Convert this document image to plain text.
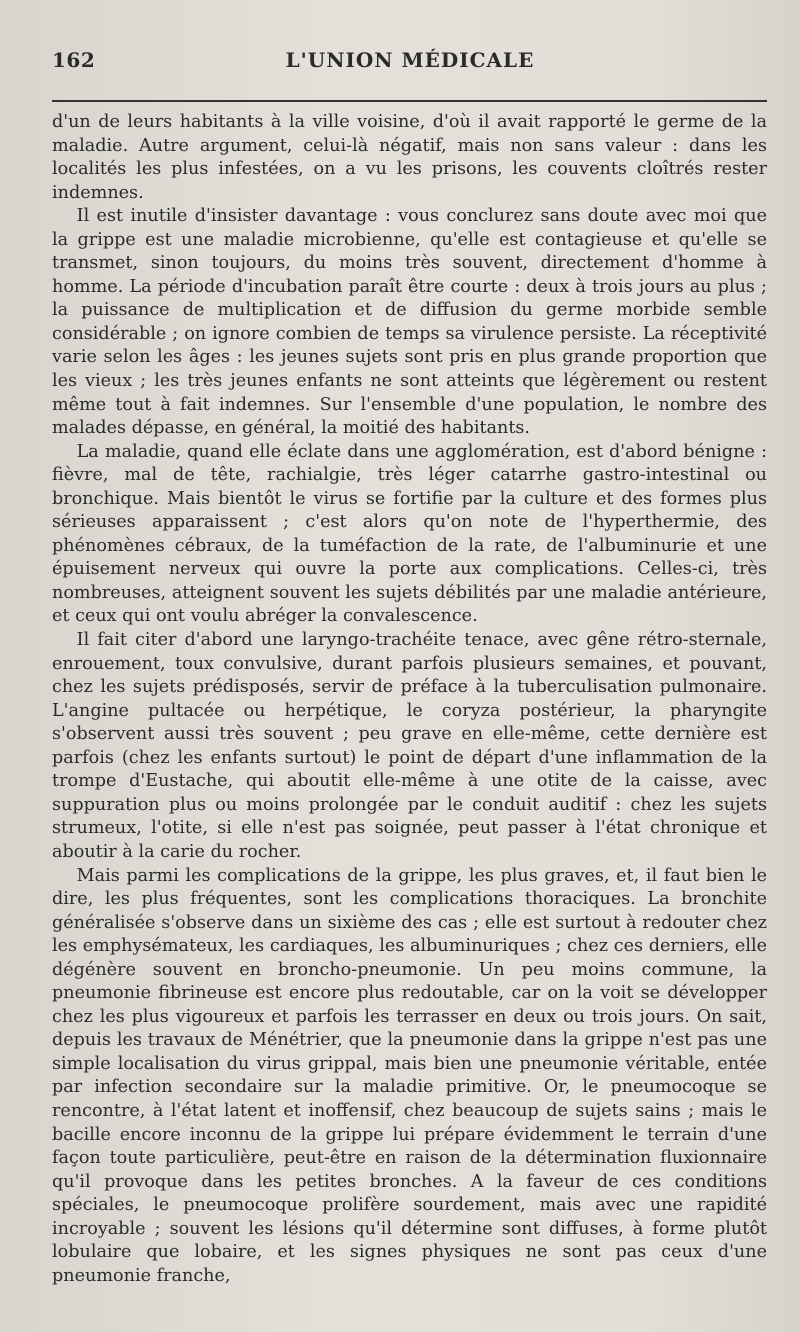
162	L'UNION MÉDICALE

d'un de leurs habitants à la ville voisine, d'où il avait rapporté le germe de la maladie. Autre argument, celui-là négatif, mais non sans valeur : dans les localités les plus infestées, on a vu les prisons, les couvents cloîtrés rester indemnes.

Il est inutile d'insister davantage : vous conclurez sans doute avec moi que la grippe est une maladie microbienne, qu'elle est contagieuse et qu'elle se transmet, sinon toujours, du moins très souvent, directement d'homme à homme. La période d'incubation paraît être courte : deux à trois jours au plus ; la puissance de multiplication et de diffusion du germe morbide semble considérable ; on ignore combien de temps sa virulence persiste. La réceptivité varie selon les âges : les jeunes sujets sont pris en plus grande proportion que les vieux ; les très jeunes enfants ne sont atteints que légèrement ou restent même tout à fait indemnes. Sur l'ensemble d'une population, le nombre des malades dépasse, en général, la moitié des habitants.

La maladie, quand elle éclate dans une agglomération, est d'abord bénigne : fièvre, mal de tête, rachialgie, très léger catarrhe gastro-intestinal ou bronchique. Mais bientôt le virus se fortifie par la culture et des formes plus sérieuses apparaissent ; c'est alors qu'on note de l'hyperthermie, des phénomènes cébraux, de la tuméfaction de la rate, de l'albuminurie et une épuisement nerveux qui ouvre la porte aux complications. Celles-ci, très nombreuses, atteignent souvent les sujets débilités par une maladie antérieure, et ceux qui ont voulu abréger la convalescence.

Il fait citer d'abord une laryngo-trachéite tenace, avec gêne rétro-sternale, enrouement, toux convulsive, durant parfois plusieurs semaines, et pouvant, chez les sujets prédisposés, servir de préface à la tuberculisation pulmonaire. L'angine pultacée ou herpétique, le coryza postérieur, la pharyngite s'observent aussi très souvent ; peu grave en elle-même, cette dernière est parfois (chez les enfants surtout) le point de départ d'une inflammation de la trompe d'Eustache, qui aboutit elle-même à une otite de la caisse, avec suppuration plus ou moins prolongée par le conduit auditif : chez les sujets strumeux, l'otite, si elle n'est pas soignée, peut passer à l'état chronique et aboutir à la carie du rocher.

Mais parmi les complications de la grippe, les plus graves, et, il faut bien le dire, les plus fréquentes, sont les complications thoraciques. La bronchite généralisée s'observe dans un sixième des cas ; elle est surtout à redouter chez les emphysémateux, les cardiaques, les albuminuriques ; chez ces derniers, elle dégénère souvent en broncho-pneumonie. Un peu moins commune, la pneumonie fibrineuse est encore plus redoutable, car on la voit se développer chez les plus vigoureux et parfois les terrasser en deux ou trois jours. On sait, depuis les travaux de Ménétrier, que la pneumonie dans la grippe n'est pas une simple localisation du virus grippal, mais bien une pneumonie véritable, entée par infection secondaire sur la maladie primitive. Or, le pneumocoque se rencontre, à l'état latent et inoffensif, chez beaucoup de sujets sains ; mais le bacille encore inconnu de la grippe lui prépare évidemment le terrain d'une façon toute particulière, peut-être en raison de la détermination fluxionnaire qu'il provoque dans les petites bronches. A la faveur de ces conditions spéciales, le pneumocoque prolifère sourdement, mais avec une rapidité incroyable ; souvent les lésions qu'il détermine sont diffuses, à forme plutôt lobulaire que lobaire, et les signes physiques ne sont pas ceux d'une pneumonie franche,
